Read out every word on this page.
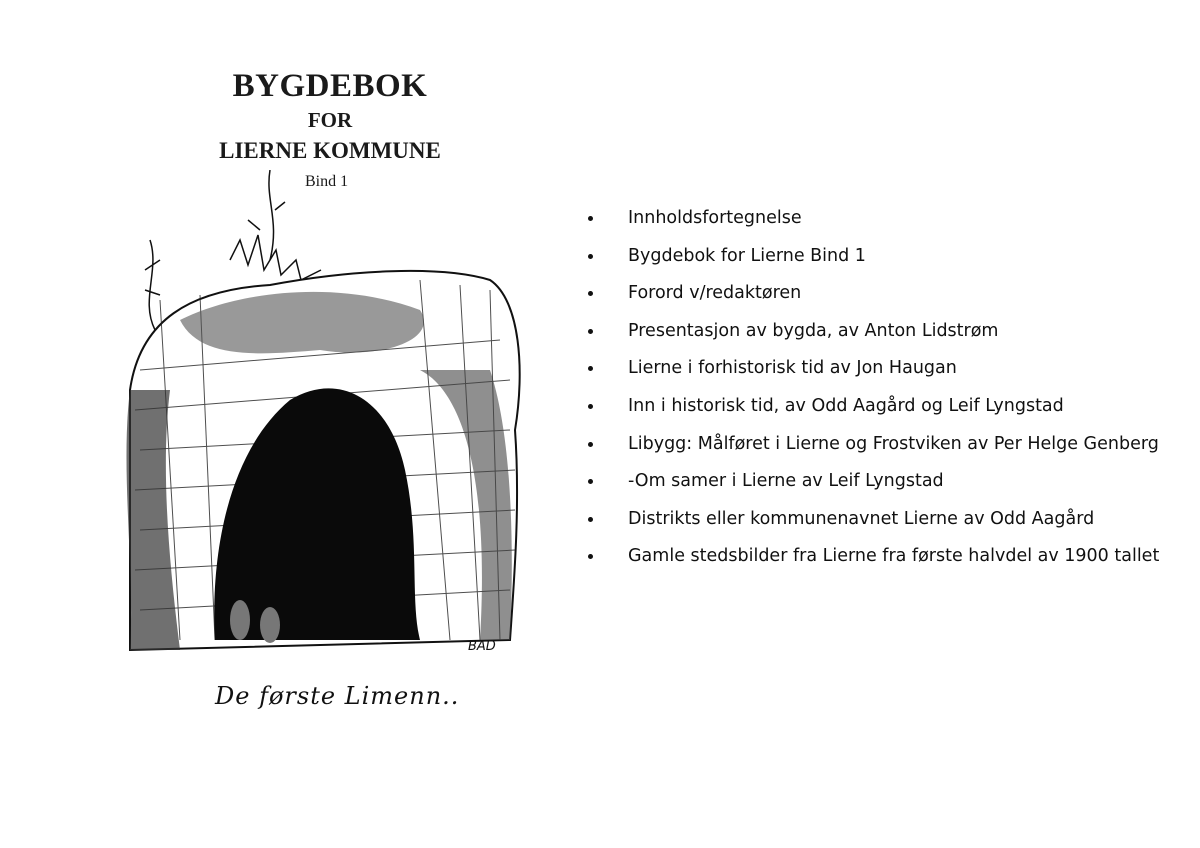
BYGDEBOK
FOR
LIERNE KOMMUNE
Bind 1
BAD
De første Limenn..
Innholdsfortegnelse
Bygdebok for Lierne Bind 1
Forord v/redaktøren
Presentasjon av bygda, av Anton Lidstrøm
Lierne i forhistorisk tid av Jon Haugan
Inn i historisk tid, av Odd Aagård og Leif Lyngstad
Libygg: Målføret i Lierne og Frostviken av Per Helge Genberg
-Om samer i Lierne av Leif Lyngstad
Distrikts eller kommunenavnet Lierne av Odd Aagård
Gamle stedsbilder fra Lierne fra første halvdel av 1900 tallet
